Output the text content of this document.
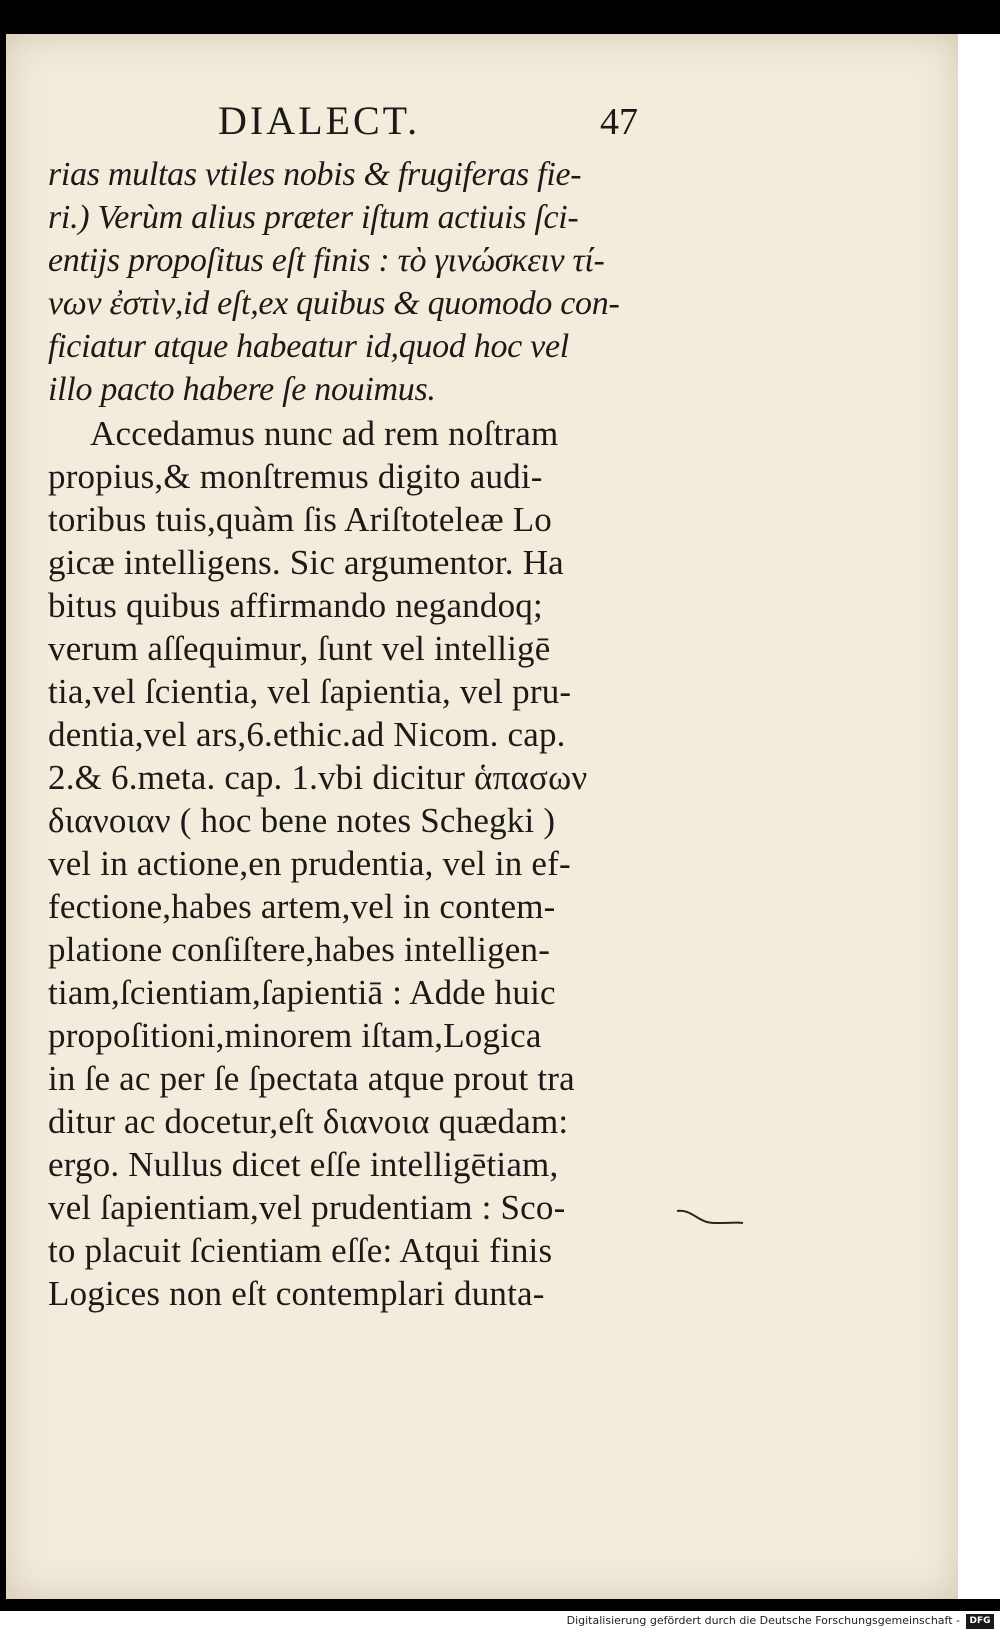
DIALECT.	47
rias multas vtiles nobis & frugiferas fie-
ri.) Verùm alius præter iſtum actiuis ſci-
entijs propoſitus eſt finis : τὸ γινώσκειν τί-
νων ἐστὶν,id eſt,ex quibus & quomodo con-
ficiatur atque habeatur id,quod hoc vel
illo pacto habere ſe nouimus.
Accedamus nunc ad rem noſtram
propius,& monſtremus digito audi-
toribus tuis,quàm ſis Ariſtoteleæ Lo
gicæ intelligens. Sic argumentor. Ha
bitus quibus affirmando negandoq;
verum aſſequimur, ſunt vel intelligē
tia,vel ſcientia, vel ſapientia, vel pru-
dentia,vel ars,6.ethic.ad Nicom. cap.
2.& 6.meta. cap. 1.vbi dicitur ἁπασων
διανοιαν ( hoc bene notes Schegki )
vel in actione,en prudentia, vel in ef-
fectione,habes artem,vel in contem-
platione conſiſtere,habes intelligen-
tiam,ſcientiam,ſapientiā : Adde huic
propoſitioni,minorem iſtam,Logica
in ſe ac per ſe ſpectata atque prout tra
ditur ac docetur,eſt διανοια quædam:
ergo. Nullus dicet eſſe intelligētiam,
vel ſapientiam,vel prudentiam : Sco-
to placuit ſcientiam eſſe: Atqui finis
Logices non eſt contemplari dunta-
Digitalisierung gefördert durch die Deutsche Forschungsgemeinschaft -	DFG
